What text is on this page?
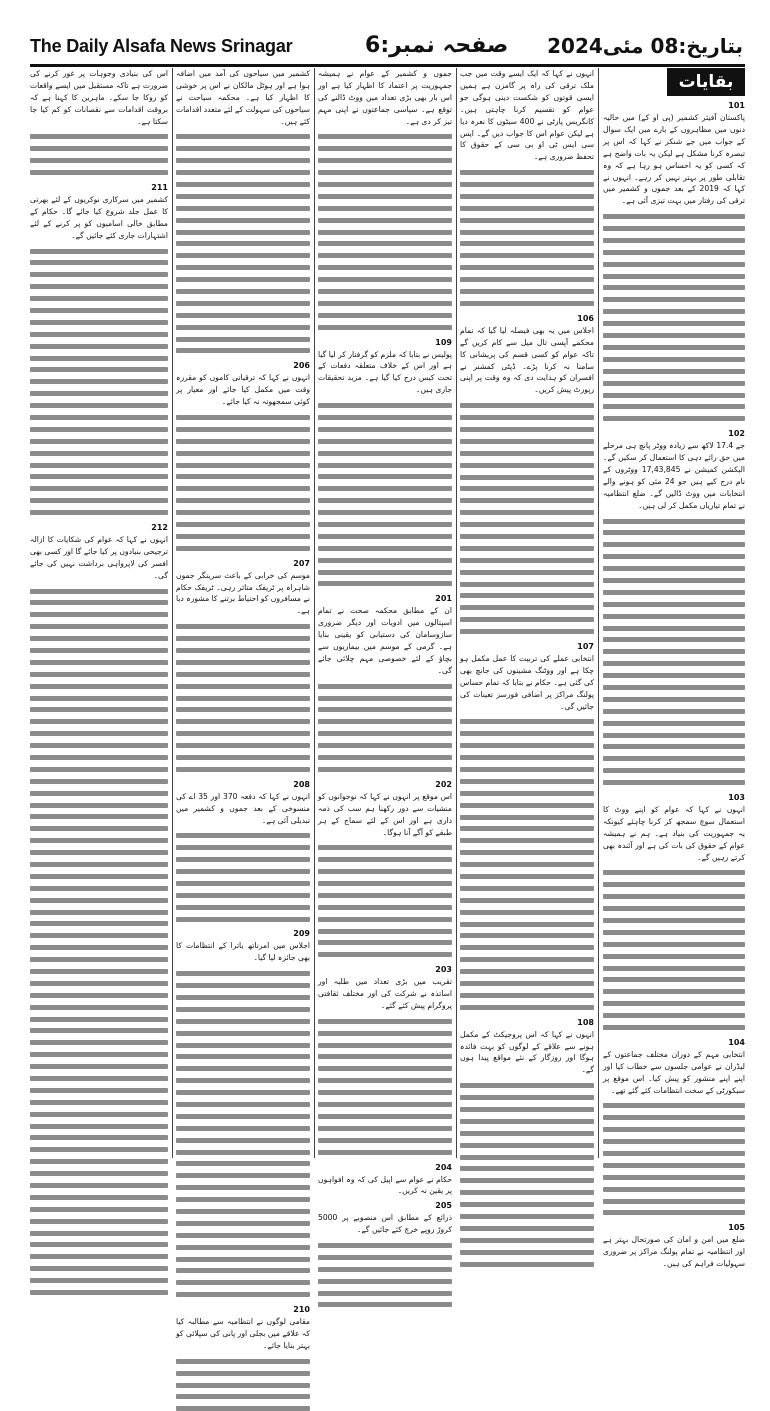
The Daily Alsafa News Srinagar	صفحہ نمبر:6 بتاریخ:08 مئی2024
بقایات
101
پاکستان آفیئر کشمیر (پی او کے) میں حالیہ دنوں میں مظاہروں کے بارے میں ایک سوال کے جواب میں جے شنکر نے کہا کہ اس پر تبصرہ کرنا مشکل ہے لیکن یہ بات واضح ہے کہ کسی کو یہ احساس ہو رہا ہے کہ وہ تقابلی طور پر بہتر نہیں کر رہے۔ انہوں نے کہا کہ 2019 کے بعد جموں و کشمیر میں ترقی کی رفتار میں بہت تیزی آئی ہے۔
102
جے 17.4 لاکھ سے زیادہ ووٹر پانچ ہی مرحلے میں حق رائے دہی کا استعمال کر سکیں گے۔ الیکشن کمیشن نے 17,43,845 ووٹروں کے نام درج کیے ہیں جو 24 مئی کو ہونے والے انتخابات میں ووٹ ڈالیں گے۔ ضلع انتظامیہ نے تمام تیاریاں مکمل کر لی ہیں۔
103
انہوں نے کہا کہ عوام کو اپنے ووٹ کا استعمال سوچ سمجھ کر کرنا چاہئے کیونکہ یہ جمہوریت کی بنیاد ہے۔ ہم نے ہمیشہ عوام کے حقوق کی بات کی ہے اور آئندہ بھی کرتے رہیں گے۔
104
انتخابی مہم کے دوران مختلف جماعتوں کے لیڈران نے عوامی جلسوں سے خطاب کیا اور اپنے اپنے منشور کو پیش کیا۔ اس موقع پر سیکورٹی کے سخت انتظامات کئے گئے تھے۔
105
ضلع میں امن و امان کی صورتحال بہتر ہے اور انتظامیہ نے تمام پولنگ مراکز پر ضروری سہولیات فراہم کی ہیں۔
انہوں نے کہا کہ ایک ایسے وقت میں جب ملک ترقی کی راہ پر گامزن ہے ہمیں ایسی قوتوں کو شکست دینی ہوگی جو عوام کو تقسیم کرنا چاہتی ہیں۔ کانگریس پارٹی نے 400 سیٹوں کا نعرہ دیا ہے لیکن عوام اس کا جواب دیں گے۔ ایس سی ایس ٹی او بی سی کے حقوق کا تحفظ ضروری ہے۔
106
اجلاس میں یہ بھی فیصلہ لیا گیا کہ تمام محکمے آپسی تال میل سے کام کریں گے تاکہ عوام کو کسی قسم کی پریشانی کا سامنا نہ کرنا پڑے۔ ڈپٹی کمشنر نے افسران کو ہدایت دی کہ وہ وقت پر اپنی رپورٹ پیش کریں۔
107
انتخابی عملے کی تربیت کا عمل مکمل ہو چکا ہے اور ووٹنگ مشینوں کی جانچ بھی کی گئی ہے۔ حکام نے بتایا کہ تمام حساس پولنگ مراکز پر اضافی فورسز تعینات کی جائیں گی۔
108
انہوں نے کہا کہ اس پروجیکٹ کے مکمل ہونے سے علاقے کے لوگوں کو بہت فائدہ ہوگا اور روزگار کے نئے مواقع پیدا ہوں گے۔
جموں و کشمیر کے عوام نے ہمیشہ جمہوریت پر اعتماد کا اظہار کیا ہے اور اس بار بھی بڑی تعداد میں ووٹ ڈالنے کی توقع ہے۔ سیاسی جماعتوں نے اپنی مہم تیز کر دی ہے۔
109
پولیس نے بتایا کہ ملزم کو گرفتار کر لیا گیا ہے اور اس کے خلاف متعلقہ دفعات کے تحت کیس درج کیا گیا ہے۔ مزید تحقیقات جاری ہیں۔
201
ان کے مطابق محکمہ صحت نے تمام اسپتالوں میں ادویات اور دیگر ضروری سازوسامان کی دستیابی کو یقینی بنایا ہے۔ گرمی کے موسم میں بیماریوں سے بچاؤ کے لئے خصوصی مہم چلائی جائے گی۔
202
اس موقع پر انہوں نے کہا کہ نوجوانوں کو منشیات سے دور رکھنا ہم سب کی ذمہ داری ہے اور اس کے لئے سماج کے ہر طبقے کو آگے آنا ہوگا۔
203
تقریب میں بڑی تعداد میں طلبہ اور اساتذہ نے شرکت کی اور مختلف ثقافتی پروگرام پیش کئے گئے۔
204
حکام نے عوام سے اپیل کی کہ وہ افواہوں پر یقین نہ کریں۔
205
ذرائع کے مطابق اس منصوبے پر 5000 کروڑ روپے خرچ کئے جائیں گے۔
کشمیر میں سیاحوں کی آمد میں اضافہ ہوا ہے اور ہوٹل مالکان نے اس پر خوشی کا اظہار کیا ہے۔ محکمہ سیاحت نے سیاحوں کی سہولت کے لئے متعدد اقدامات کئے ہیں۔
206
انہوں نے کہا کہ ترقیاتی کاموں کو مقررہ وقت میں مکمل کیا جائے اور معیار پر کوئی سمجھوتہ نہ کیا جائے۔
207
موسم کی خرابی کے باعث سرینگر جموں شاہراہ پر ٹریفک متاثر رہی۔ ٹریفک حکام نے مسافروں کو احتیاط برتنے کا مشورہ دیا ہے۔
208
انہوں نے کہا کہ دفعہ 370 اور 35 اے کی منسوخی کے بعد جموں و کشمیر میں تبدیلی آئی ہے۔
209
اجلاس میں امرناتھ یاترا کے انتظامات کا بھی جائزہ لیا گیا۔
210
مقامی لوگوں نے انتظامیہ سے مطالبہ کیا کہ علاقے میں بجلی اور پانی کی سپلائی کو بہتر بنایا جائے۔
اس کی بنیادی وجوہات پر غور کرنے کی ضرورت ہے تاکہ مستقبل میں ایسے واقعات کو روکا جا سکے۔ ماہرین کا کہنا ہے کہ بروقت اقدامات سے نقصانات کو کم کیا جا سکتا ہے۔
211
کشمیر میں سرکاری نوکریوں کے لئے بھرتی کا عمل جلد شروع کیا جائے گا۔ حکام کے مطابق خالی اسامیوں کو پر کرنے کے لئے اشتہارات جاری کئے جائیں گے۔
212
انہوں نے کہا کہ عوام کی شکایات کا ازالہ ترجیحی بنیادوں پر کیا جائے گا اور کسی بھی افسر کی لاپرواہی برداشت نہیں کی جائے گی۔
